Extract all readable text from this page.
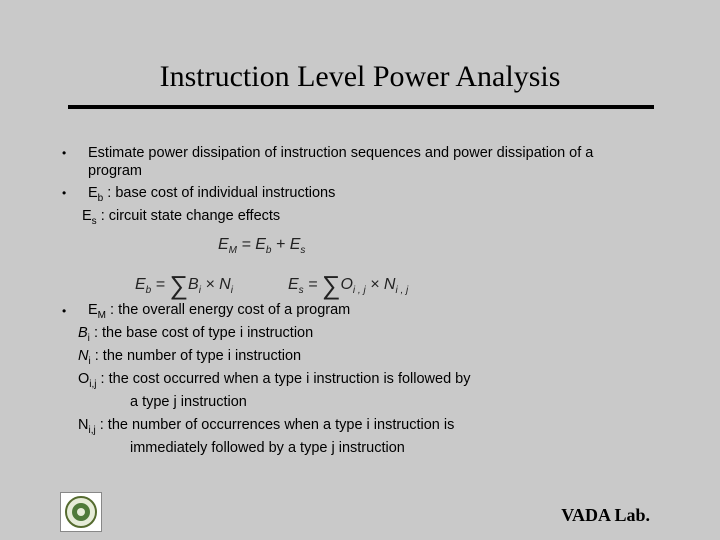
Instruction Level Power Analysis
• Estimate power dissipation of instruction sequences and power dissipation of a
program
• $E_b$ : base cost of individual instructions
$E_s$ : circuit state change effects
$E_M = E_b + E_s$
$E_b = \sum B_i \times N_i$	$E_s = \sum O_{i , j} \times N_{i , j}$
• $E_M$ : the overall energy cost of a program
$B_i$ : the base cost of type i instruction
$N_i$ : the number of type i instruction
$O_{i,j}$ : the cost occurred when a type i instruction is followed by
a type j instruction
$N_{i,j}$ : the number of occurrences when a type i instruction is
immediately followed by a type j instruction
VADA Lab.
